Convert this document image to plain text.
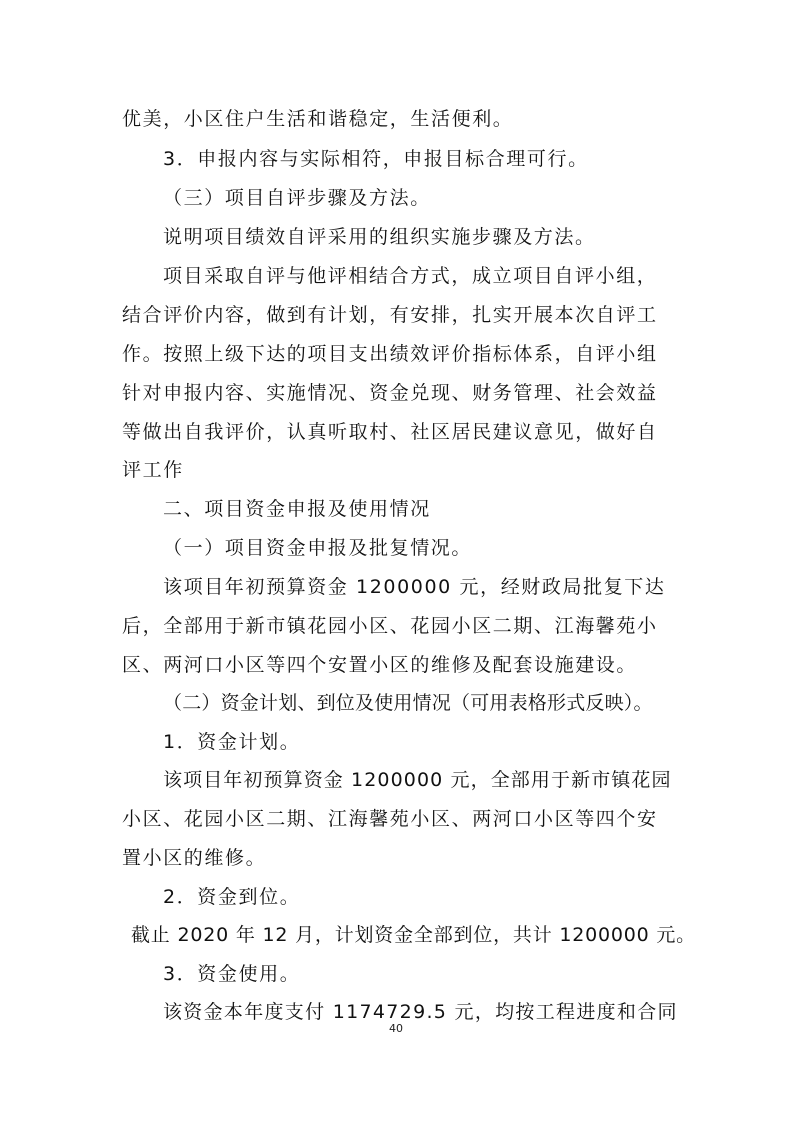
优美，小区住户生活和谐稳定，生活便利。
3．申报内容与实际相符，申报目标合理可行。
（三）项目自评步骤及方法。
说明项目绩效自评采用的组织实施步骤及方法。
项目采取自评与他评相结合方式，成立项目自评小组，
结合评价内容，做到有计划，有安排，扎实开展本次自评工
作。按照上级下达的项目支出绩效评价指标体系，自评小组
针对申报内容、实施情况、资金兑现、财务管理、社会效益
等做出自我评价，认真听取村、社区居民建议意见，做好自
评工作
二、项目资金申报及使用情况
（一）项目资金申报及批复情况。
该项目年初预算资金 1200000 元，经财政局批复下达
后，全部用于新市镇花园小区、花园小区二期、江海馨苑小
区、两河口小区等四个安置小区的维修及配套设施建设。
（二）资金计划、到位及使用情况（可用表格形式反映）。
1．资金计划。
该项目年初预算资金 1200000 元，全部用于新市镇花园
小区、花园小区二期、江海馨苑小区、两河口小区等四个安
置小区的维修。
2．资金到位。
截止 2020 年 12 月，计划资金全部到位，共计 1200000 元。
3．资金使用。
该资金本年度支付 1174729.5 元，均按工程进度和合同
40
